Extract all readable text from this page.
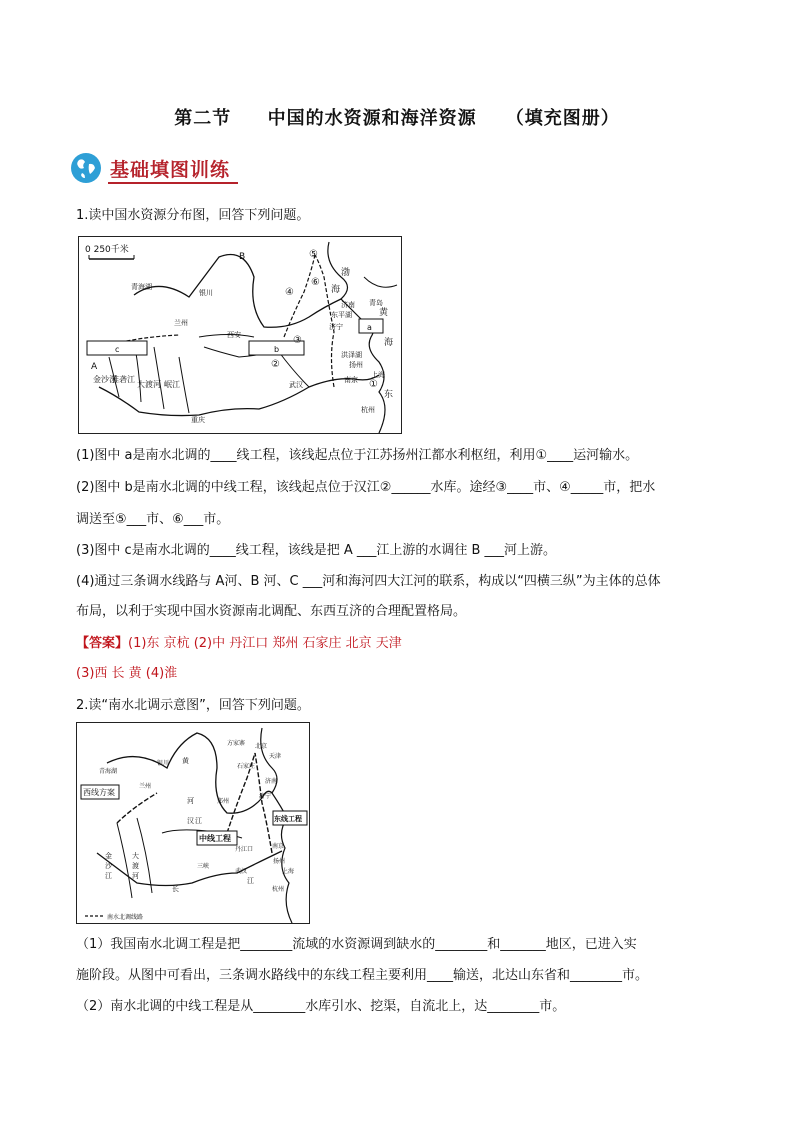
第二节 中国的水资源和海洋资源 （填充图册）
基础填图训练
1.读中国水资源分布图，回答下列问题。
0 250千米
B
银川
青海湖
兰州
西安
c	b
A
金沙江
雅砻江
大渡河 岷江
重庆
武汉
a
渤
海
黄
海
东
洪泽湖
扬州
南京
杭州
上海
济南 青岛
东平湖
济宁
⑤
④
⑥
③
②
①
(1)图中 a是南水北调的____线工程，该线起点位于江苏扬州江都水利枢纽，利用①____运河输水。
(2)图中 b是南水北调的中线工程，该线起点位于汉江②______水库。途经③____市、④_____市，把水
调送至⑤___市、⑥___市。
(3)图中 c是南水北调的____线工程，该线是把 A ___江上游的水调往 B ___河上游。
(4)通过三条调水线路与 A河、B 河、C ___河和海河四大江河的联系，构成以“四横三纵”为主体的总体
布局，以利于实现中国水资源南北调配、东西互济的合理配置格局。
【答案】(1)东 京杭 (2)中 丹江口 郑州 石家庄 北京 天津
(3)西 长 黄 (4)淮
2.读“南水北调示意图”，回答下列问题。
西线方案
中线工程
东线工程
银川
青海湖
兰州
黄
河
方家寨 北京
天津
石家庄
郑州
济南
济宁
汉 江
丹江口
长
江
三峡
武汉
南京
扬州
上海
杭州
大
渡
河
金
沙
江
南水北调线路
（1）我国南水北调工程是把________流域的水资源调到缺水的________和_______地区，已进入实
施阶段。从图中可看出，三条调水路线中的东线工程主要利用____输送，北达山东省和________市。
（2）南水北调的中线工程是从________水库引水、挖渠，自流北上，达________市。
